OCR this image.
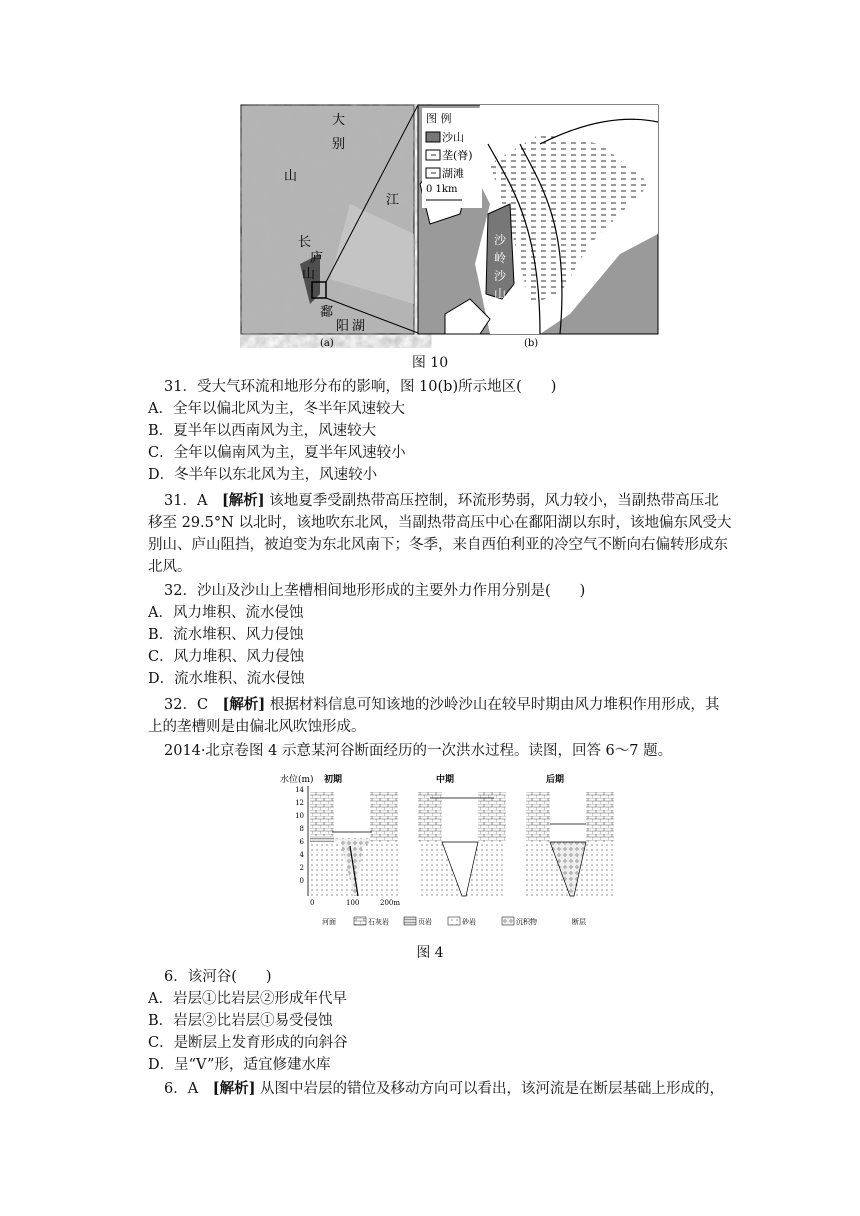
大
别
山
江
长
庐
山
鄱
阳 湖
图 例
沙山
垄(脊)
湖滩
0 1km
沙
岭
沙
山
(a)	(b)
图 10
31．受大气环流和地形分布的影响，图 10(b)所示地区(　　)
A．全年以偏北风为主，冬半年风速较大
B．夏半年以西南风为主，风速较大
C．全年以偏南风为主，夏半年风速较小
D．冬半年以东北风为主，风速较小
31．A　[解析] 该地夏季受副热带高压控制，环流形势弱，风力较小，当副热带高压北
移至 29.5°N 以北时，该地吹东北风，当副热带高压中心在鄱阳湖以东时，该地偏东风受大
别山、庐山阻挡，被迫变为东北风南下；冬季，来自西伯利亚的冷空气不断向右偏转形成东
北风。
32．沙山及沙山上垄槽相间地形形成的主要外力作用分别是(　　)
A．风力堆积、流水侵蚀
B．流水堆积、风力侵蚀
C．风力堆积、风力侵蚀
D．流水堆积、流水侵蚀
32．C　[解析] 根据材料信息可知该地的沙岭沙山在较早时期由风力堆积作用形成，其
上的垄槽则是由偏北风吹蚀形成。
2014·北京卷图 4 示意某河谷断面经历的一次洪水过程。读图，回答 6～7 题。
水位(m)
14
12
10
8
6
4
2
0
初期	中期	后期
0	100	200m
河面	石灰岩	页岩	砂岩	沉积物	断层
图 4
6．该河谷(　　)
A．岩层①比岩层②形成年代早
B．岩层②比岩层①易受侵蚀
C．是断层上发育形成的向斜谷
D．呈“V”形，适宜修建水库
6．A　[解析] 从图中岩层的错位及移动方向可以看出，该河流是在断层基础上形成的，
